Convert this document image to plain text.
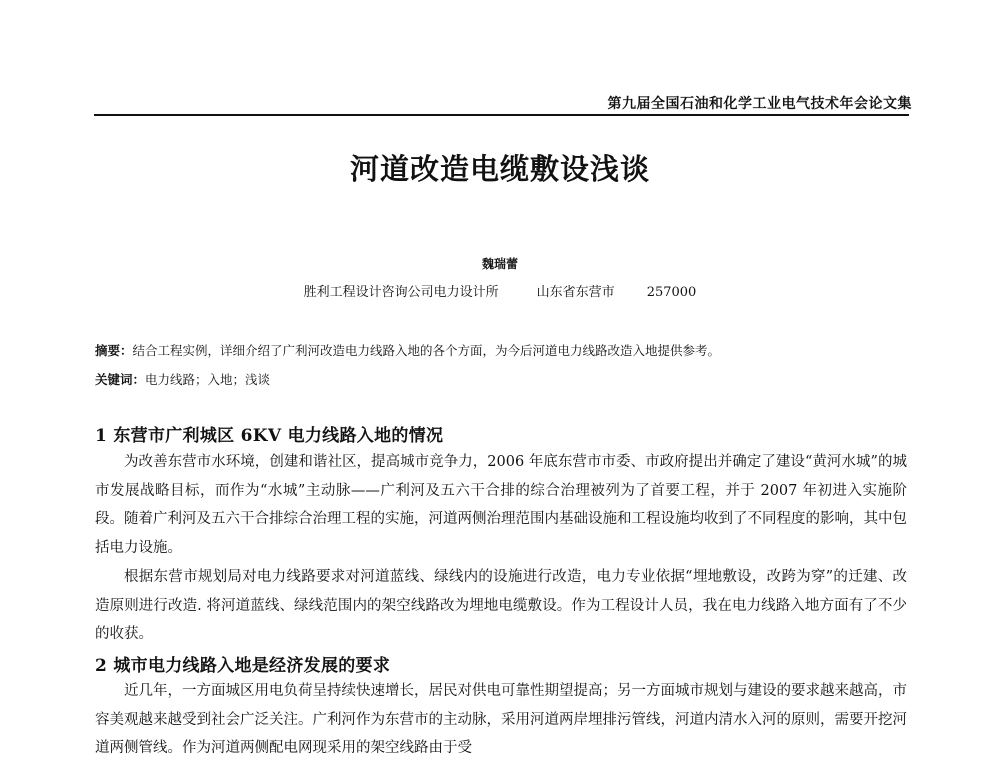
第九届全国石油和化学工业电气技术年会论文集
河道改造电缆敷设浅谈
魏瑞蕾
胜利工程设计咨询公司电力设计所	山东省东营市 257000
摘要：结合工程实例，详细介绍了广利河改造电力线路入地的各个方面，为今后河道电力线路改造入地提供参考。
关键词：电力线路；入地；浅谈
1 东营市广利城区 6KV 电力线路入地的情况

为改善东营市水环境，创建和谐社区，提高城市竞争力，2006 年底东营市市委、市政府提出并确定了建设“黄河水城”的城市发展战略目标，而作为“水城”主动脉——广利河及五六干合排的综合治理被列为了首要工程，并于 2007 年初进入实施阶段。随着广利河及五六干合排综合治理工程的实施，河道两侧治理范围内基础设施和工程设施均收到了不同程度的影响，其中包括电力设施。

根据东营市规划局对电力线路要求对河道蓝线、绿线内的设施进行改造，电力专业依据“埋地敷设，改跨为穿”的迁建、改造原则进行改造. 将河道蓝线、绿线范围内的架空线路改为埋地电缆敷设。作为工程设计人员，我在电力线路入地方面有了不少的收获。

2 城市电力线路入地是经济发展的要求

近几年，一方面城区用电负荷呈持续快速增长，居民对供电可靠性期望提高；另一方面城市规划与建设的要求越来越高，市容美观越来越受到社会广泛关注。广利河作为东营市的主动脉，采用河道两岸埋排污管线，河道内清水入河的原则，需要开挖河道两侧管线。作为河道两侧配电网现采用的架空线路由于受
